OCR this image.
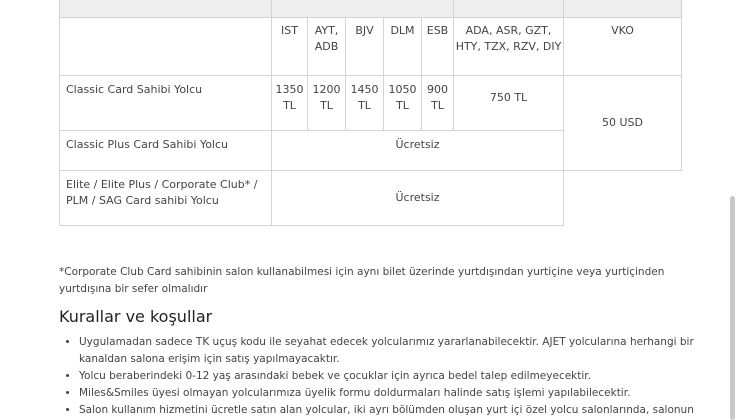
	IST	AYT, ADB	BJV	DLM	ESB	ADA, ASR, GZT, HTY, TZX, RZV, DIY	VKO
Classic Card Sahibi Yolcu	1350 TL	1200 TL	1450 TL	1050 TL	900 TL	750 TL	50 USD
Classic Plus Card Sahibi Yolcu	Ücretsiz						
Elite / Elite Plus / Corporate Club* / PLM / SAG Card sahibi Yolcu	Ücretsiz						

*Corporate Club Card sahibinin salon kullanabilmesi için aynı bilet üzerinde yurtdışından yurtiçine veya yurtiçinden yurtdışına bir sefer olmalıdır

Kurallar ve koşullar
• Uygulamadan sadece TK uçuş kodu ile seyahat edecek yolcularımız yararlanabilecektir. AJET yolcularına herhangi bir kanaldan salona erişim için satış yapılmayacaktır.
• Yolcu beraberindeki 0-12 yaş arasındaki bebek ve çocuklar için ayrıca bedel talep edilmeyecektir.
• Miles&Smiles üyesi olmayan yolcularımıza üyelik formu doldurmaları halinde satış işlemi yapılabilecektir.
• Salon kullanım hizmetini ücretle satın alan yolcular, iki ayrı bölümden oluşan yurt içi özel yolcu salonlarında, salonun
